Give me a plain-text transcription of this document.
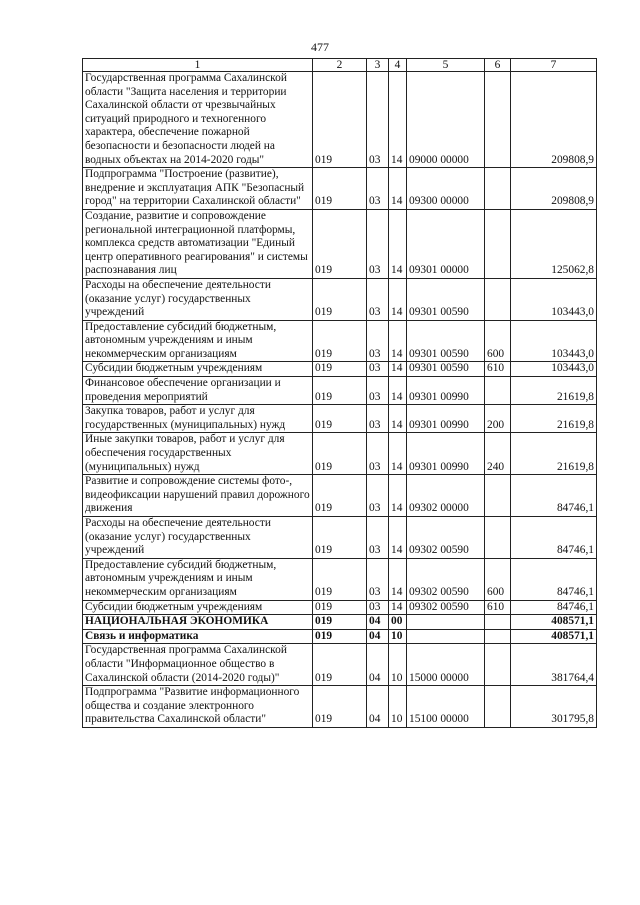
477
1	2	3	4	5	6	7
Государственная программа Сахалинской области "Защита населения и территории Сахалинской области от чрезвычайных ситуаций природного и техногенного характера, обеспечение пожарной безопасности и безопасности людей на водных объектах на 2014-2020 годы"	019	03	14	09000 00000		209808,9
Подпрограмма "Построение (развитие), внедрение и эксплуатация АПК "Безопасный город" на территории Сахалинской области"	019	03	14	09300 00000		209808,9
Создание, развитие и сопровождение региональной интеграционной платформы, комплекса средств автоматизации "Единый центр оперативного реагирования" и системы распознавания лиц	019	03	14	09301 00000		125062,8
Расходы на обеспечение деятельности (оказание услуг) государственных учреждений	019	03	14	09301 00590		103443,0
Предоставление субсидий бюджетным, автономным учреждениям и иным некоммерческим организациям	019	03	14	09301 00590	600	103443,0
Субсидии бюджетным учреждениям	019	03	14	09301 00590	610	103443,0
Финансовое обеспечение организации и проведения мероприятий	019	03	14	09301 00990		21619,8
Закупка товаров, работ и услуг для государственных (муниципальных) нужд	019	03	14	09301 00990	200	21619,8
Иные закупки товаров, работ и услуг для обеспечения государственных (муниципальных) нужд	019	03	14	09301 00990	240	21619,8
Развитие и сопровождение системы фото-, видеофиксации нарушений правил дорожного движения	019	03	14	09302 00000		84746,1
Расходы на обеспечение деятельности (оказание услуг) государственных учреждений	019	03	14	09302 00590		84746,1
Предоставление субсидий бюджетным, автономным учреждениям и иным некоммерческим организациям	019	03	14	09302 00590	600	84746,1
Субсидии бюджетным учреждениям	019	03	14	09302 00590	610	84746,1
НАЦИОНАЛЬНАЯ ЭКОНОМИКА	019	04	00			408571,1
Связь и информатика	019	04	10			408571,1
Государственная программа Сахалинской области "Информационное общество в Сахалинской области (2014-2020 годы)"	019	04	10	15000 00000		381764,4
Подпрограмма "Развитие информационного общества и создание электронного правительства Сахалинской области"	019	04	10	15100 00000		301795,8
